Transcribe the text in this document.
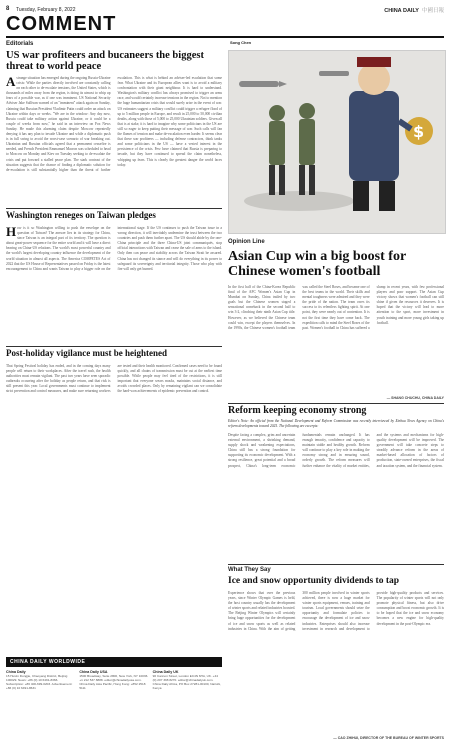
8 Tuesday, February 8, 2022	CHINA DAILY 中國日報
COMMENT
Editorials
US war profiteers and bucaneers the biggest threat to world peace
Astrange situation has emerged during the ongoing Russia-Ukraine crisis: While the parties directly involved are constantly calling on each other to de-escalate tensions, the United States, which is thousands of miles away from the region, is doing its utmost to whip up fears of a possible war, as if one was imminent. US National Security Adviser Jake Sullivan warned of an "imminent" attack again on Sunday, claiming that Russian President Vladimir Putin could order an attack on Ukraine within days or weeks. "We are in the window: Any day now, Russia could take military action against Ukraine, or it could be a couple of weeks from now," he said in an interview on Fox News Sunday. He made this alarming claim despite Moscow repeatedly denying it has any plan to invade Ukraine and while a diplomatic push is in full swing to avoid the worst-case scenario of war breaking out. Ukrainian and Russian officials agreed that a permanent ceasefire is needed, and French President Emmanuel Macron was scheduled to head to Moscow on Monday and Kiev on Tuesday seeking to de-escalate the crisis and put forward a stalled peace plan. The stark contrast of the situation suggests that the chance of finding a diplomatic solution for de-escalation is still substantially higher than the threat of further escalation. This is what is behind an adviser-led escalation that some fear. What Ukraine and its European allies want is to avoid a military confrontation with their giant neighbour. It is hard to understand. Washington's military conflict has always promised to trigger an arms race, and would certainly increase tensions in the region. Not to mention the huge humanitarian crisis that would surely arise in the event of war. US estimates suggest a military conflict could trigger a refugee flood of up to 5 million people in Europe, and result in 25,000 to 50,000 civilian deaths, along with those of 5,000 to 25,000 Ukrainian soldiers. Given all that is at stake, it is hard to imagine why some politicians in the US are still so eager to keep putting their message of war. Such calls will fan the flames of tension and make de-escalation even harder. It seems clear that these war profiteers — including defense contractors, think tanks and some politicians in the US — have a vested interest in the persistence of the crisis. Few have claimed that Russia is preparing to invade, but they have continued to spread the claim nonetheless, whipping up fears. This is clearly the greatest danger the world faces today.
Washington reneges on Taiwan pledges
How is it so Washington willing to push the envelope on the question of Taiwan? The answer lies in its strategy for China, since Taiwan is an integral part of its territory. The question is about great-power sequence for the entire world and it will have a direct bearing on China-US relations. The world's most powerful country and the world's largest developing country influence the development of the world situation in almost all aspects. The America COMPETES Act of 2022 that the US House of Representatives passed on Friday is the latest encouragement to China and wants Taiwan to play a bigger role on the international stage. If the US continues to push the Taiwan issue in a wrong direction, it will inevitably undermine the trust between the two countries and push them further apart. The US should abide by the one-China principle and the three China-US joint communiqués, stop official interactions with Taiwan and cease the sale of arms to the island. Only then can peace and stability across the Taiwan Strait be assured. China has not changed its stance and will do everything in its power to safeguard its sovereignty and territorial integrity. Those who play with fire will only get burned.
Post-holiday vigilance must be heightened
That Spring Festival holiday has ended, and in the coming days many people will return to their workplaces. After the travel rush, the health authorities must remain vigilant. The past two years have seen sporadic outbreaks occurring after the holiday as people return, and that risk is still present this year. Local governments must continue to implement strict prevention and control measures, and make sure returning workers are tested and their health monitored. Confirmed cases need to be found quickly, and all chains of transmission must be cut at the earliest time possible. While people may feel tired of the restrictions, it is still important that everyone wears masks, maintains social distance, and avoids crowded places. Only by remaining vigilant can we consolidate the hard-won achievements of epidemic prevention and control.
CHINA DAILY WORLDWIDE
China Daily
15 Huixin Dongjie, Chaoyang District, Beijing 100029. News: +86 (0) 10 6491-8366. Subscription: +86 400-699-0203. Advertisement: +86 (0) 10 6491-8631
China Daily USA
1500 Broadway, Suite 2800, New York, NY 10036. +1 212 537 8888. editor@chinadailyusa.com. China Daily Asia Pacific, Hong Kong: +852 2518 5111
China Daily UK
90 Cannon Street, London EC4N 6HA, UK. +44 (0) 207 398 8270. editor@chinadailyuk.com. China Daily Africa, PO Box 27281-00100, Nairobi, Kenya
Song Chen
$
Opinion Line
Asian Cup win a big boost for Chinese women's football
In the first half of the China-Korea Republic final of the AFC Women's Asian Cup in Mumbai on Sunday, China trailed by two goals but the Chinese women staged a sensational comeback in the second half to win 3-2, clinching their ninth Asian Cup title. However, as we believed the Chinese team could win, except the players themselves. In the 1990s, the Chinese women's football team was called the Steel Roses, and became one of the best teams in the world. Their skills and mental toughness were admired and they were the pride of the nation. The team owes its success to its relentless fighting spirit. At one point, they were nearly out of contention. It is not the first time they have come back. The expedition calls to mind the Steel Roses of the past. Women's football in China has suffered a slump in recent years, with few professional players and poor support. The Asian Cup victory shows that women's football can still shine if given the resources it deserves. It is hoped that the victory will lead to more attention to the sport, more investment in youth training and more young girls taking up football.
— SHANG CHUCHU, CHINA DAILY
Reform keeping economy strong
Editor's Note: An official from the National Development and Reform Commission was recently interviewed by Xinhua News Agency on China's reform developments toward 2025. The following are excerpts:
Despite facing a complex, grim and uncertain external environment, a shrinking demand, supply shock and weakening expectations, China still has a strong foundation for supporting its economic development. With a strong resilience, great potential and a broad prospect, China's long-term economic fundamentals remain unchanged. It has enough tenacity, confidence and capacity to maintain stable and healthy growth. Reform will continue to play a key role in making the economy strong and in ensuring sound, orderly growth. The reform measures will further enhance the vitality of market entities, and the systems and mechanisms for high-quality development will be improved. The government will take concrete steps to steadily advance reform in the areas of market-based allocation of factors of production, state-owned enterprises, the fiscal and taxation system, and the financial system.
What They Say
Ice and snow opportunity dividends to tap
Experience shows that over the previous years, since Winter Olympic Games is held, the host country usually has the development of winter sports and related industries boosted. The Beijing Winter Olympics will certainly bring huge opportunities for the development of ice and snow sports as well as related industries in China. With the aim of getting 300 million people involved in winter sports achieved, there is now a huge market for winter sports equipment, venues, training and tourism. Local governments should seize the opportunity and formulate policies to encourage the development of ice and snow industries. Enterprises should also increase investment in research and development to provide high-quality products and services. The popularity of winter sports will not only promote physical fitness, but also drive consumption and boost economic growth. It is to be hoped that the ice and snow economy becomes a new engine for high-quality development in the post-Olympic era.
— CAO ZHIHUI, DIRECTOR OF THE BUREAU OF WINTER SPORTS
